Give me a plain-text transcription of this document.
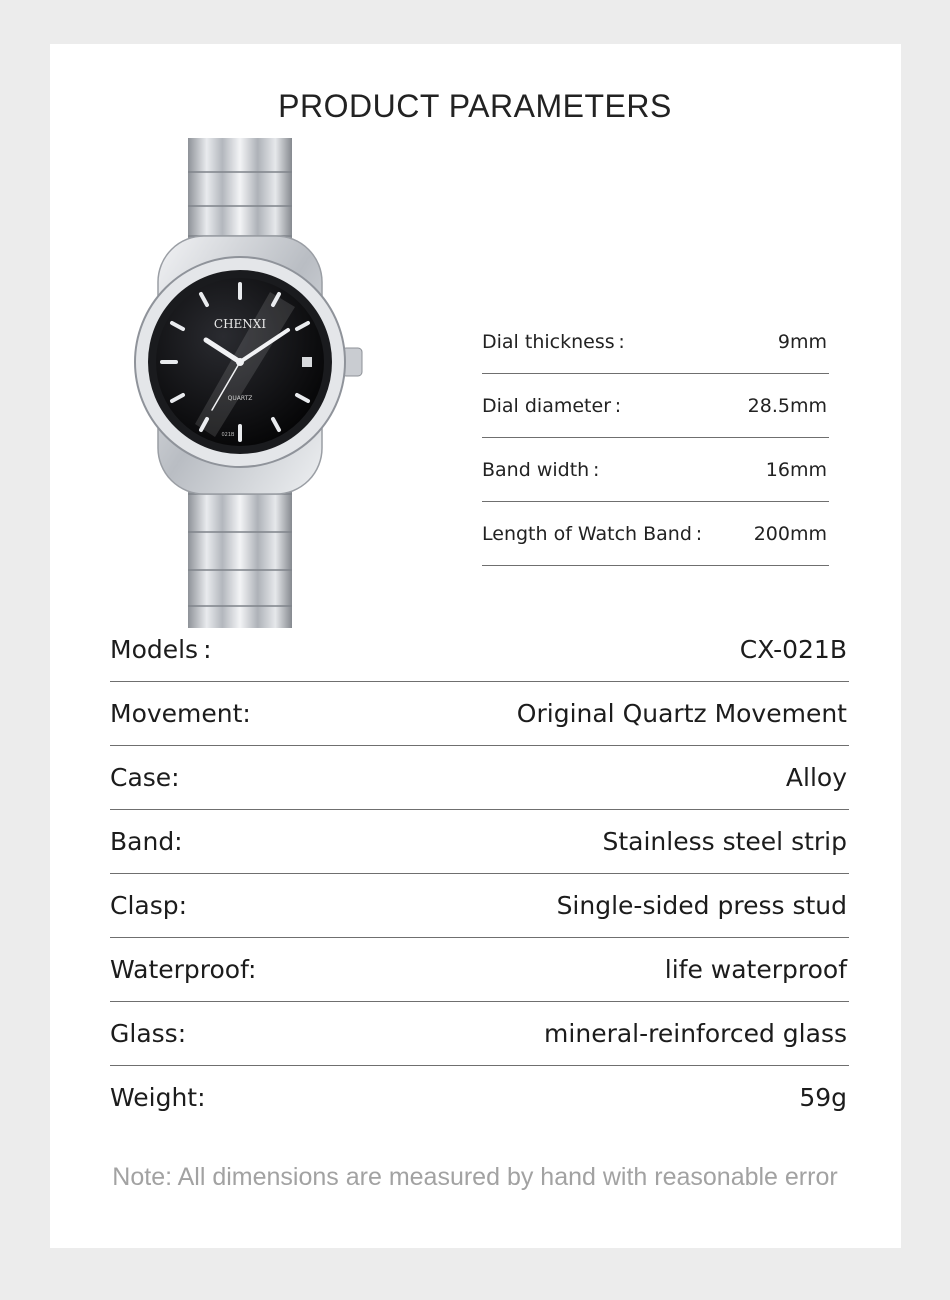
PRODUCT PARAMETERS
CHENXI
QUARTZ
021B
Dial thickness :	9mm
Dial diameter :	28.5mm
Band width :	16mm
Length of Watch Band :	200mm
Models :	CX-021B
Movement:	Original Quartz Movement
Case:	Alloy
Band:	Stainless steel strip
Clasp:	Single-sided press stud
Waterproof:	life waterproof
Glass:	mineral-reinforced glass
Weight:	59g
Note: All dimensions are measured by hand with reasonable error
